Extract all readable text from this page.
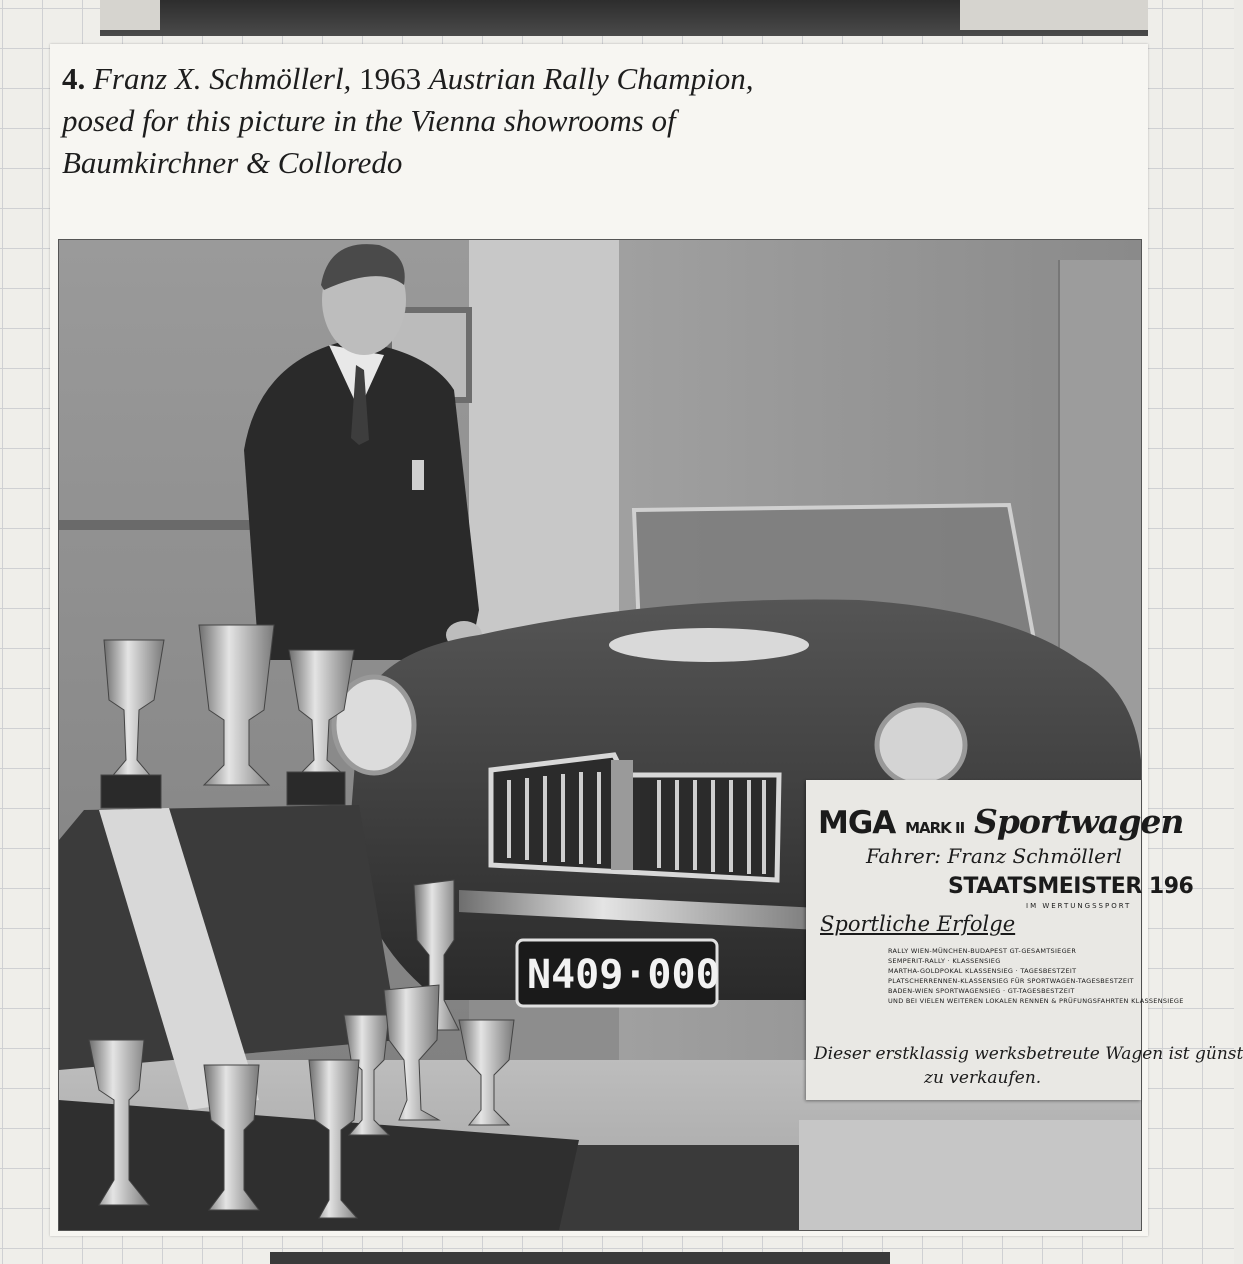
4. Franz X. Schmöllerl, 1963 Austrian Rally Champion,
posed for this picture in the Vienna showrooms of
Baumkirchner & Colloredo

N409·000
MGA MARK II Sportwagen
Fahrer: Franz Schmöllerl
STAATSMEISTER 196
IM WERTUNGSSPORT
Sportliche Erfolge
RALLY WIEN-MÜNCHEN-BUDAPEST GT-GESAMTSIEGER
SEMPERIT-RALLY · KLASSENSIEG
MARTHA-GOLDPOKAL KLASSENSIEG · TAGESBESTZEIT
PLATSCHERRENNEN-KLASSENSIEG FÜR SPORTWAGEN-TAGESBESTZEIT
BADEN-WIEN SPORTWAGENSIEG · GT-TAGESBESTZEIT
UND BEI VIELEN WEITEREN LOKALEN RENNEN & PRÜFUNGSFAHRTEN KLASSENSIEGE
Dieser erstklassig werksbetreute Wagen ist günst
zu verkaufen.
